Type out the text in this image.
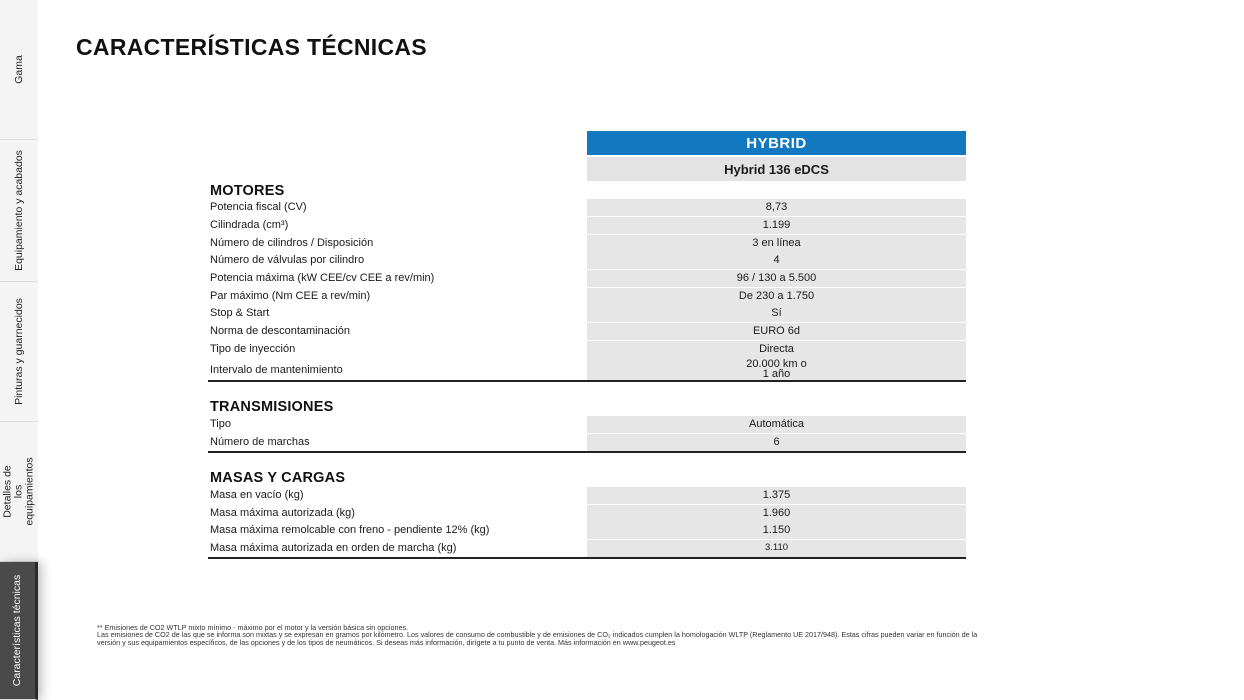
Gama
Equipamiento y acabados
Pinturas y guarnecidos
Detalles de los equipamientos
Características técnicas
CARACTERÍSTICAS TÉCNICAS
HYBRID
Hybrid 136 eDCS
MOTORES
Potencia fiscal (CV)	8,73
Cilindrada (cm³)	1.199
Número de cilindros / Disposición	3 en línea
Número de válvulas por cilindro	4
Potencia máxima (kW CEE/cv CEE a rev/min)	96 / 130 a 5.500
Par máximo (Nm CEE a rev/min)	De 230 a 1.750
Stop & Start	Sí
Norma de descontaminación	EURO 6d
Tipo de inyección	Directa
Intervalo de mantenimiento	20.000 km o
1 año
TRANSMISIONES
Tipo	Automática
Número de marchas	6
MASAS Y CARGAS
Masa en vacío (kg)	1.375
Masa máxima autorizada (kg)	1.960
Masa máxima remolcable con freno - pendiente 12% (kg)	1.150
Masa máxima autorizada en orden de marcha (kg)	3.110
** Emisiones de CO2 WTLP mixto mínimo - máximo por el motor y la versión básica sin opciones.
Las emisiones de CO2 de las que se informa son mixtas y se expresan en gramos por kilómetro. Los valores de consumo de combustible y de emisiones de CO₂ indicados cumplen la homologación WLTP (Reglamento UE 2017/948). Estas cifras pueden variar en función de la
versión y sus equipamientos específicos, de las opciones y de los tipos de neumáticos. Si deseas más información, dirígete a tu punto de venta. Más información en www.peugeot.es
